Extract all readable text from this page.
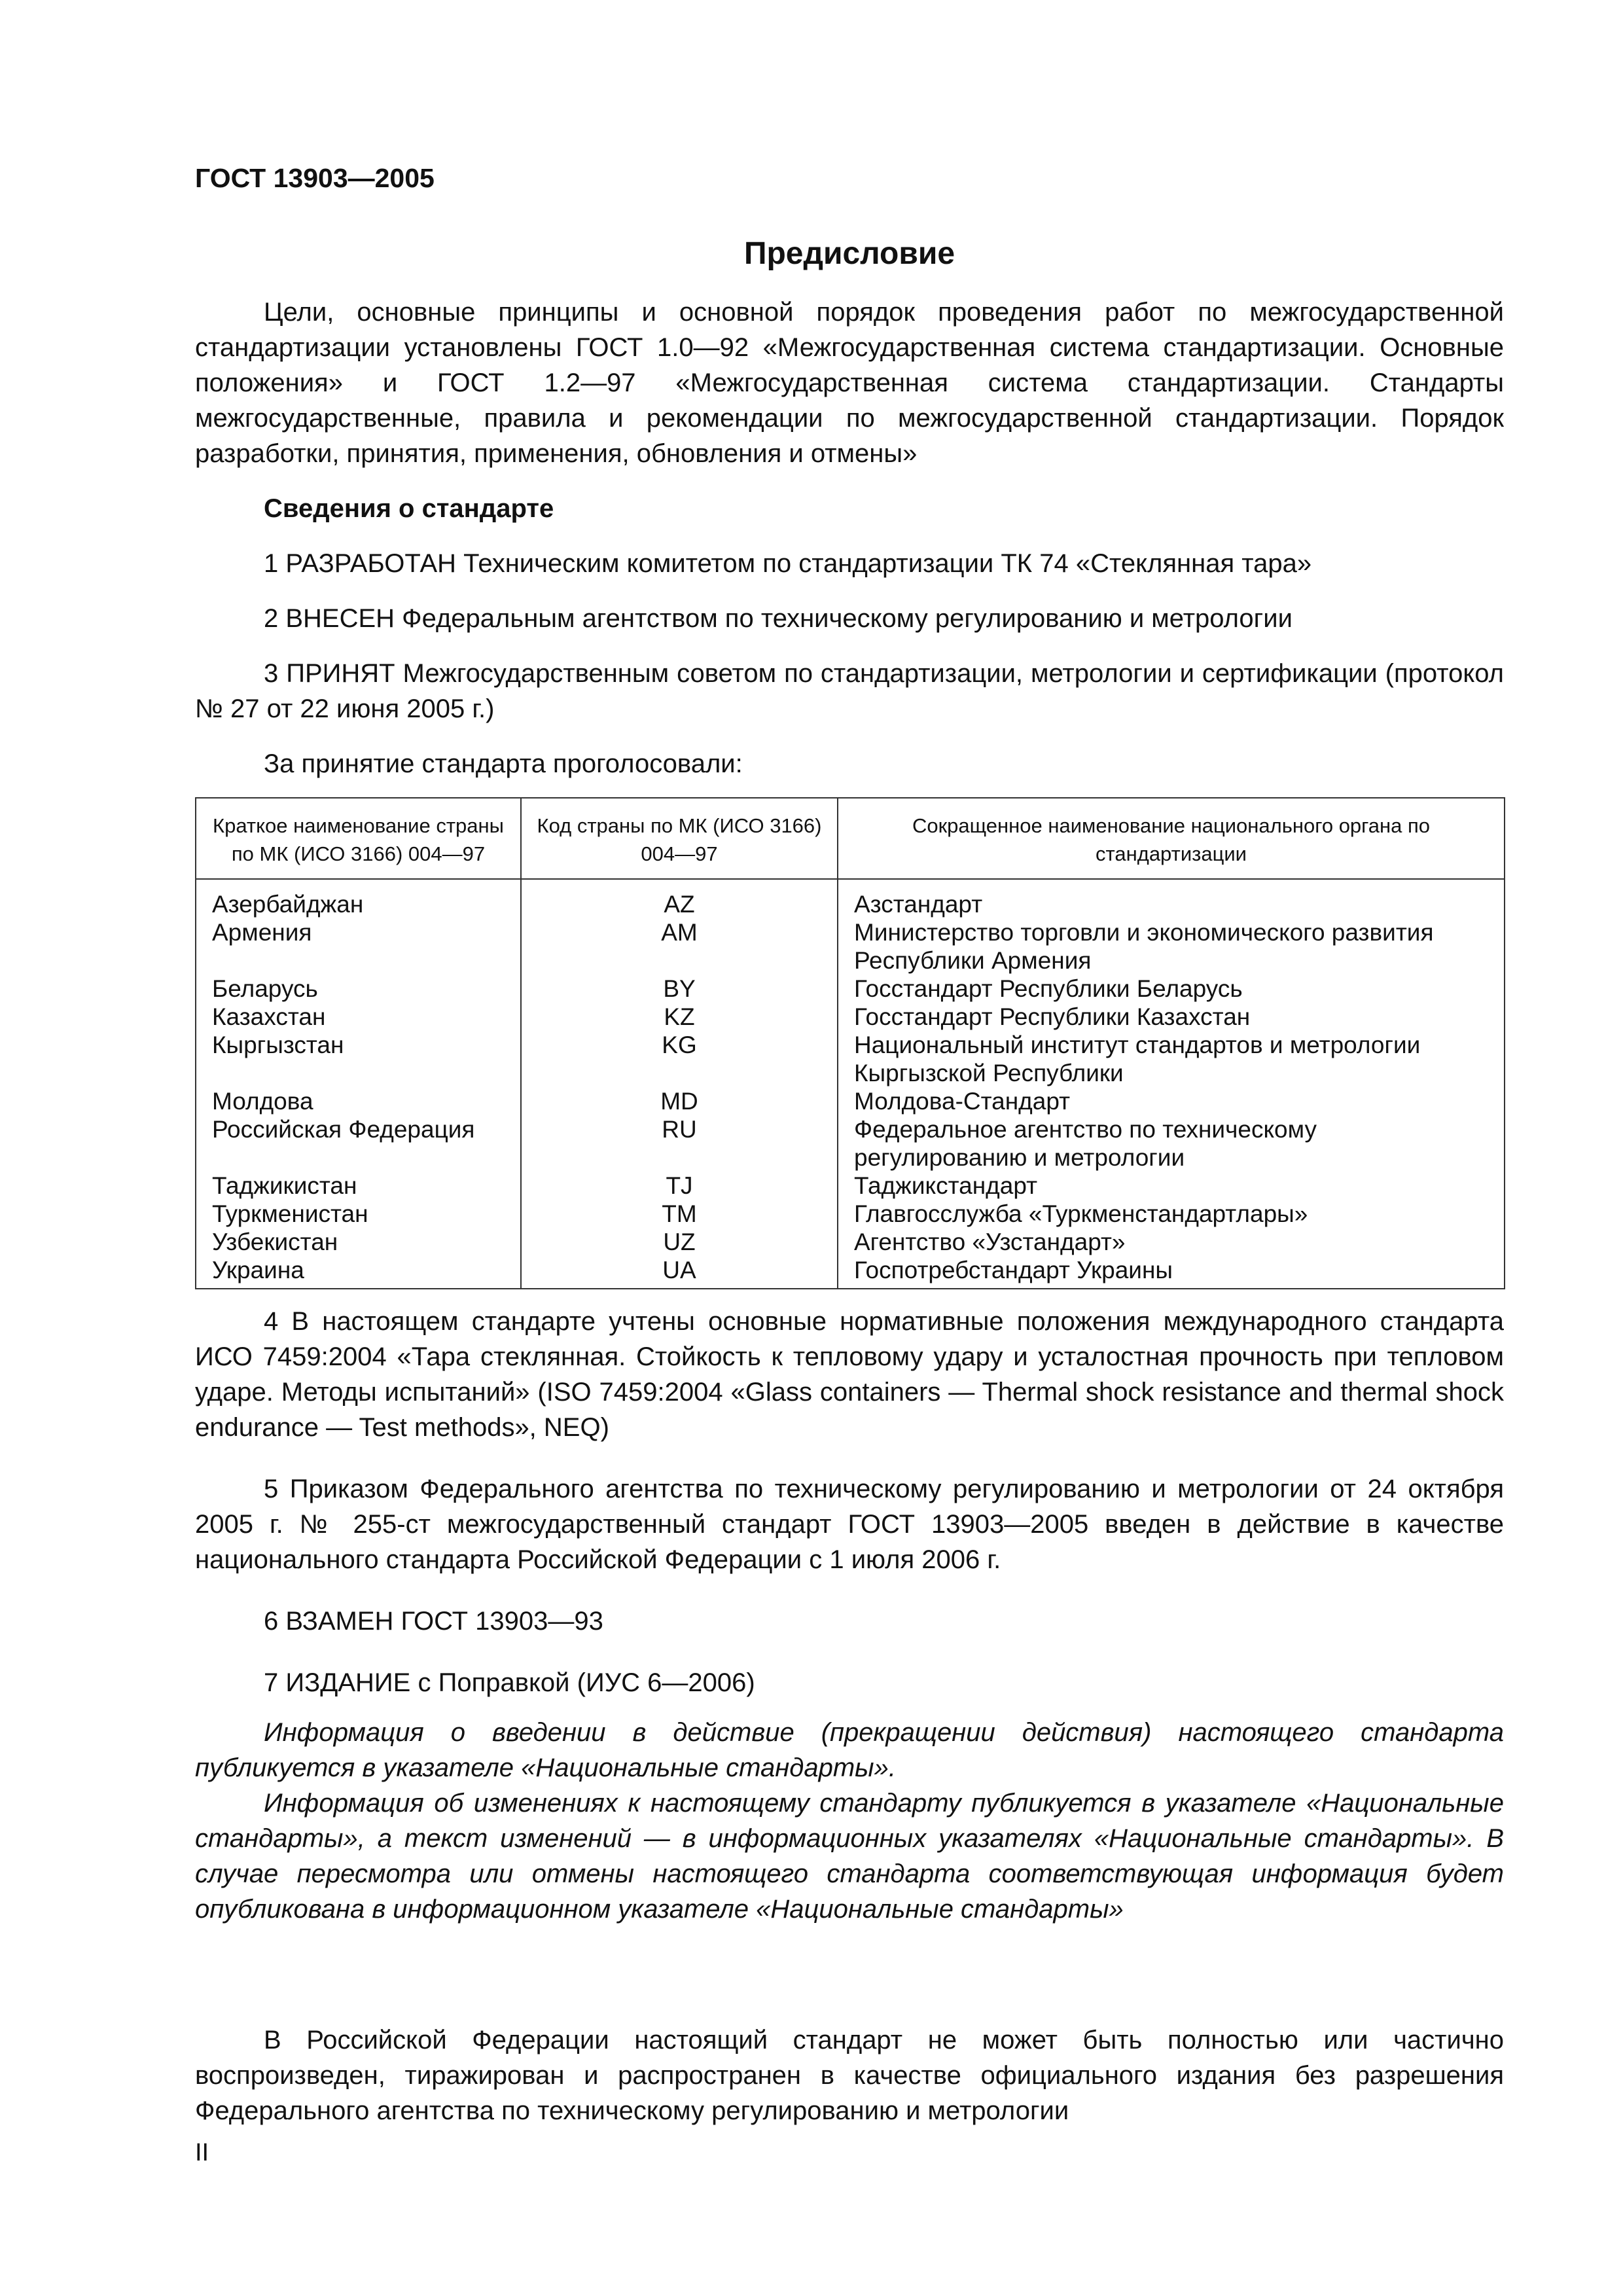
ГОСТ 13903—2005
Предисловие

Цели, основные принципы и основной порядок проведения работ по межгосударственной стандартизации установлены ГОСТ 1.0—92 «Межгосударственная система стандартизации. Основные положения» и ГОСТ 1.2—97 «Межгосударственная система стандартизации. Стандарты межгосударственные, правила и рекомендации по межгосударственной стандартизации. Порядок разработки, принятия, применения, обновления и отмены»

Сведения о стандарте

1 РАЗРАБОТАН Техническим комитетом по стандартизации ТК 74 «Стеклянная тара»

2 ВНЕСЕН Федеральным агентством по техническому регулированию и метрологии

3 ПРИНЯТ Межгосударственным советом по стандартизации, метрологии и сертификации (протокол № 27 от 22 июня 2005 г.)

За принятие стандарта проголосовали:

Краткое наименование страны по МК (ИСО 3166) 004—97	Код страны по МК (ИСО 3166) 004—97	Сокращенное наименование национального органа по стандартизации
Азербайджан	AZ	Азстандарт
Армения	AM	Министерство торговли и экономического развития Республики Армения
Беларусь	BY	Госстандарт Республики Беларусь
Казахстан	KZ	Госстандарт Республики Казахстан
Кыргызстан	KG	Национальный институт стандартов и метрологии Кыргызской Республики
Молдова	MD	Молдова-Стандарт
Российская Федерация	RU	Федеральное агентство по техническому регулированию и метрологии
Таджикистан	TJ	Таджикстандарт
Туркменистан	TM	Главгосслужба «Туркменстандартлары»
Узбекистан	UZ	Агентство «Узстандарт»
Украина	UA	Госпотребстандарт Украины

4 В настоящем стандарте учтены основные нормативные положения международного стандарта ИСО 7459:2004 «Тара стеклянная. Стойкость к тепловому удару и усталостная прочность при тепловом ударе. Методы испытаний» (ISO 7459:2004 «Glass containers — Thermal shock resistance and thermal shock endurance — Test methods», NEQ)

5 Приказом Федерального агентства по техническому регулированию и метрологии от 24 октября 2005 г. № 255-ст межгосударственный стандарт ГОСТ 13903—2005 введен в действие в качестве национального стандарта Российской Федерации с 1 июля 2006 г.

6 ВЗАМЕН ГОСТ 13903—93

7 ИЗДАНИЕ с Поправкой (ИУС 6—2006)

Информация о введении в действие (прекращении действия) настоящего стандарта публикуется в указателе «Национальные стандарты».

Информация об изменениях к настоящему стандарту публикуется в указателе «Национальные стандарты», а текст изменений — в информационных указателях «Национальные стандарты». В случае пересмотра или отмены настоящего стандарта соответствующая информация будет опубликована в информационном указателе «Национальные стандарты»

В Российской Федерации настоящий стандарт не может быть полностью или частично воспроизведен, тиражирован и распространен в качестве официального издания без разрешения Федерального агентства по техническому регулированию и метрологии

II
